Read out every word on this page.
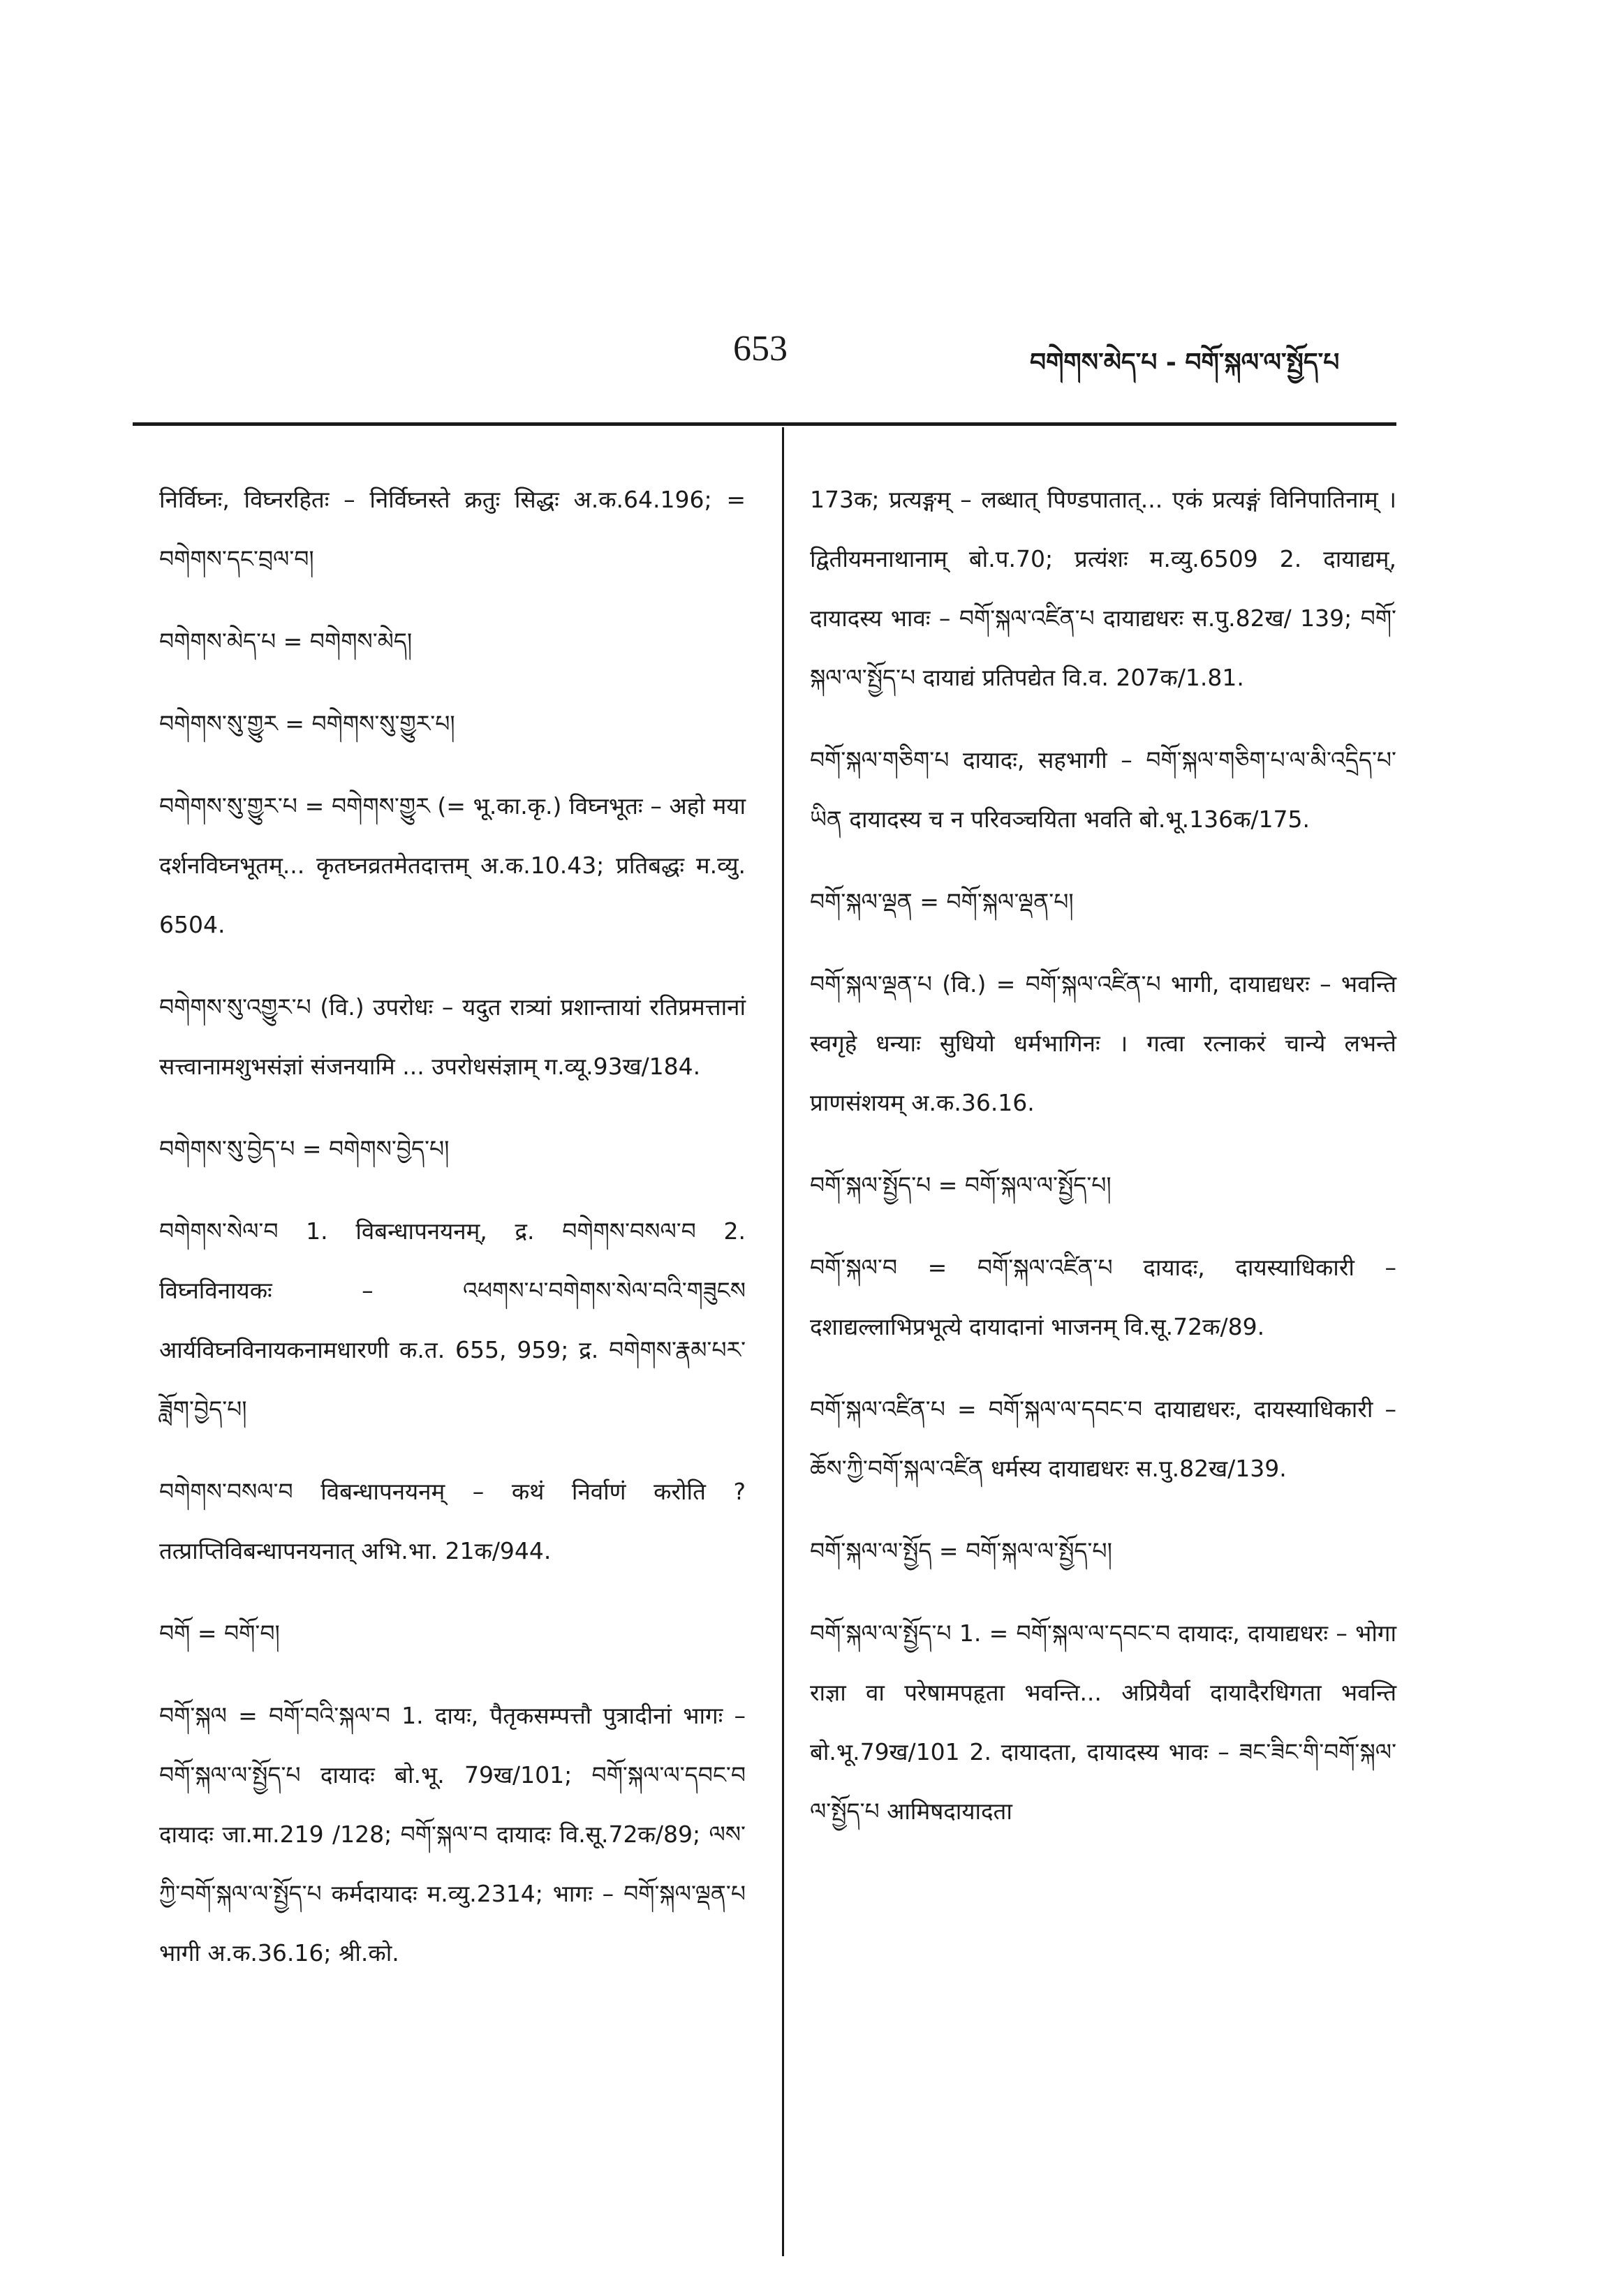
653	བགེགས་མེད་པ - བགོ་སྐལ་ལ་སྤྱོད་པ

निर्विघ्नः, विघ्नरहितः – निर्विघ्नस्ते क्रतुः सिद्धः अ.क.64.196; = བགེགས་དང་བྲལ་བ།

བགེགས་མེད་པ = བགེགས་མེད།

བགེགས་སུ་གྱུར = བགེགས་སུ་གྱུར་པ།

བགེགས་སུ་གྱུར་པ = བགེགས་གྱུར (= भू.का.कृ.) विघ्नभूतः – अहो मया दर्शनविघ्नभूतम्... कृतघ्नव्रतमेतदात्तम् अ.क.10.43; प्रतिबद्धः म.व्यु. 6504.

བགེགས་སུ་འགྱུར་པ (वि.) उपरोधः – यदुत रात्र्यां प्रशान्तायां रतिप्रमत्तानां सत्त्वानामशुभसंज्ञां संजनयामि ... उपरोधसंज्ञाम् ग.व्यू.93ख/184.

བགེགས་སུ་བྱེད་པ = བགེགས་བྱེད་པ།

བགེགས་སེལ་བ 1. विबन्धापनयनम्, द्र. བགེགས་བསལ་བ 2. विघ्नविनायकः – འཕགས་པ་བགེགས་སེལ་བའི་གཟུངས आर्यविघ्नविनायकनामधारणी क.त. 655, 959; द्र. བགེགས་རྣམ་པར་ཟློག་བྱེད་པ།

བགེགས་བསལ་བ विबन्धापनयनम् – कथं निर्वाणं करोति ? तत्प्राप्तिविबन्धापनयनात् अभि.भा. 21क/944.

བགོ = བགོ་བ།

བགོ་སྐལ = བགོ་བའི་སྐལ་བ 1. दायः, पैतृकसम्पत्तौ पुत्रादीनां भागः – བགོ་སྐལ་ལ་སྤྱོད་པ दायादः बो.भू. 79ख/101; བགོ་སྐལ་ལ་དབང་བ दायादः जा.मा.219 /128; བགོ་སྐལ་བ दायादः वि.सू.72क/89; ལས་ཀྱི་བགོ་སྐལ་ལ་སྤྱོད་པ कर्मदायादः म.व्यु.2314; भागः – བགོ་སྐལ་ལྡན་པ भागी अ.क.36.16; श्री.को.

173क; प्रत्यङ्गम् – लब्धात् पिण्डपातात्... एकं प्रत्यङ्गं विनिपातिनाम् । द्वितीयमनाथानाम् बो.प.70; प्रत्यंशः म.व्यु.6509 2. दायाद्यम्, दायादस्य भावः – བགོ་སྐལ་འཛིན་པ दायाद्यधरः स.पु.82ख/ 139; བགོ་སྐལ་ལ་སྤྱོད་པ दायाद्यं प्रतिपद्येत वि.व. 207क/1.81.

བགོ་སྐལ་གཅིག་པ दायादः, सहभागी – བགོ་སྐལ་གཅིག་པ་ལ་མི་འདྲིད་པ་ཡིན दायादस्य च न परिवञ्चयिता भवति बो.भू.136क/175.

བགོ་སྐལ་ལྡན = བགོ་སྐལ་ལྡན་པ།

བགོ་སྐལ་ལྡན་པ (वि.) = བགོ་སྐལ་འཛིན་པ भागी, दायाद्यधरः – भवन्ति स्वगृहे धन्याः सुधियो धर्मभागिनः । गत्वा रत्नाकरं चान्ये लभन्ते प्राणसंशयम् अ.क.36.16.

བགོ་སྐལ་སྤྱོད་པ = བགོ་སྐལ་ལ་སྤྱོད་པ།

བགོ་སྐལ་བ = བགོ་སྐལ་འཛིན་པ दायादः, दायस्याधिकारी – दशाद्यल्लाभिप्रभूत्ये दायादानां भाजनम् वि.सू.72क/89.

བགོ་སྐལ་འཛིན་པ = བགོ་སྐལ་ལ་དབང་བ दायाद्यधरः, दायस्याधिकारी – ཆོས་ཀྱི་བགོ་སྐལ་འཛིན धर्मस्य दायाद्यधरः स.पु.82ख/139.

བགོ་སྐལ་ལ་སྤྱོད = བགོ་སྐལ་ལ་སྤྱོད་པ།

བགོ་སྐལ་ལ་སྤྱོད་པ 1. = བགོ་སྐལ་ལ་དབང་བ दायादः, दायाद्यधरः – भोगा राज्ञा वा परेषामपहृता भवन्ति... अप्रियैर्वा दायादैरधिगता भवन्ति बो.भू.79ख/101 2. दायादता, दायादस्य भावः – ཟང་ཟིང་གི་བགོ་སྐལ་ལ་སྤྱོད་པ आमिषदायादता
